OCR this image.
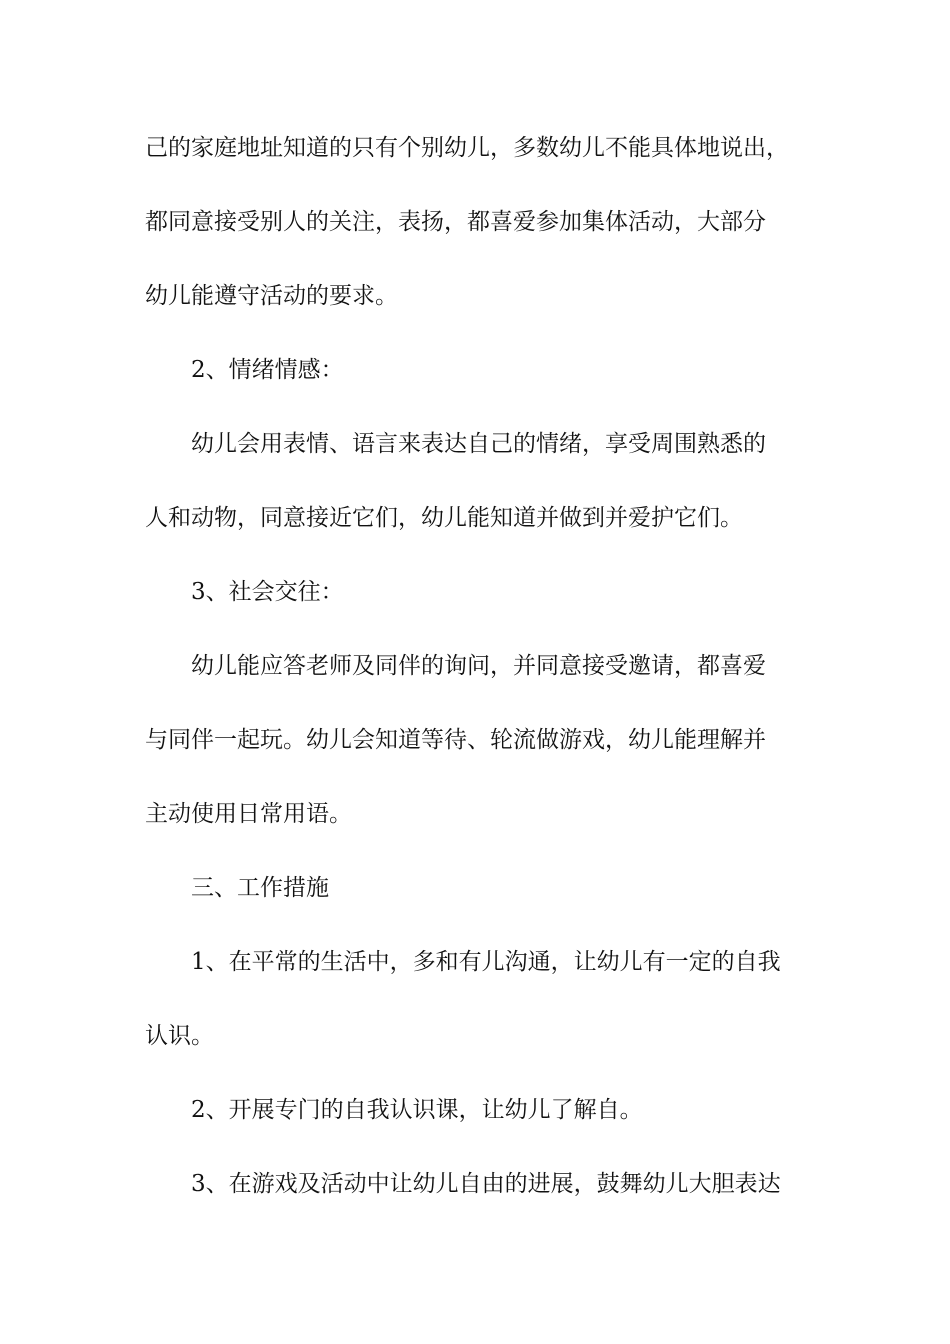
己的家庭地址知道的只有个别幼儿，多数幼儿不能具体地说出，
都同意接受别人的关注，表扬，都喜爱参加集体活动，大部分
幼儿能遵守活动的要求。
2、情绪情感：
幼儿会用表情、语言来表达自己的情绪，享受周围熟悉的
人和动物，同意接近它们，幼儿能知道并做到并爱护它们。
3、社会交往：
幼儿能应答老师及同伴的询问，并同意接受邀请，都喜爱
与同伴一起玩。幼儿会知道等待、轮流做游戏，幼儿能理解并
主动使用日常用语。
三、工作措施
1、在平常的生活中，多和有儿沟通，让幼儿有一定的自我
认识。
2、开展专门的自我认识课，让幼儿了解自。
3、在游戏及活动中让幼儿自由的进展，鼓舞幼儿大胆表达
